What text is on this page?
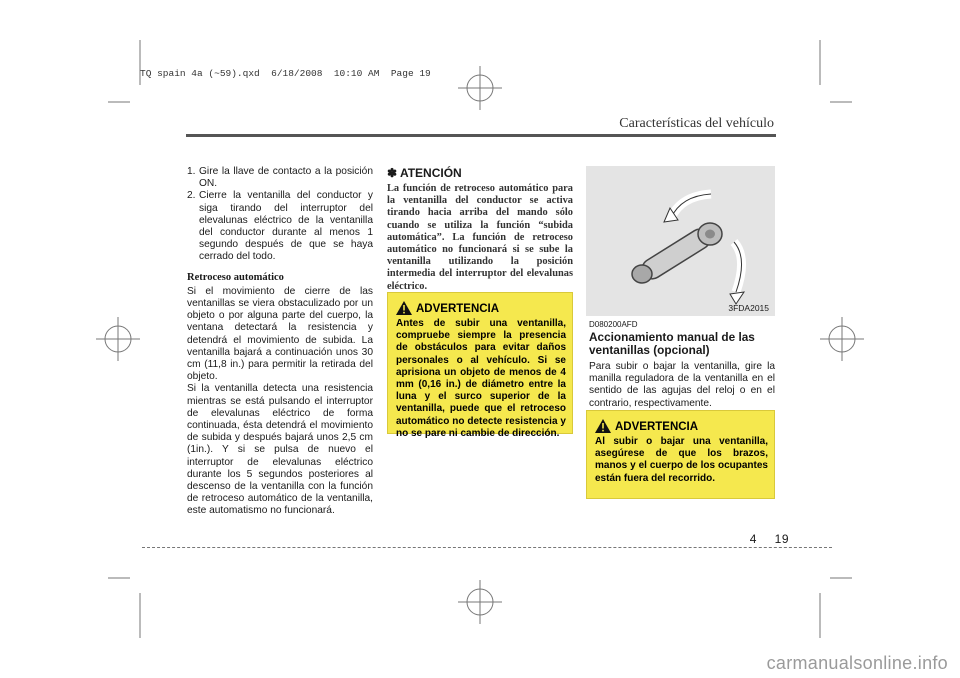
TQ spain 4a (~59).qxd  6/18/2008  10:10 AM  Page 19
Características del vehículo
1. Gire la llave de contacto a la posición ON.
2. Cierre la ventanilla del conductor y siga tirando del interruptor del elevalunas eléctrico de la ventanilla del conductor durante al menos 1 segundo después de que se haya cerrado del todo.
Retroceso automático

Si el movimiento de cierre de las ventanillas se viera obstaculizado por un objeto o por alguna parte del cuerpo, la ventana detectará la resistencia y detendrá el movimiento de subida. La ventanilla bajará a continuación unos 30 cm (11,8 in.) para permitir la retirada del objeto.

Si la ventanilla detecta una resistencia mientras se está pulsando el interruptor de elevalunas eléctrico de forma continuada, ésta detendrá el movimiento de subida y después bajará unos 2,5 cm (1in.). Y si se pulsa de nuevo el interruptor de elevalunas eléctrico durante los 5 segundos posteriores al descenso de la ventanilla con la función de retroceso automático de la ventanilla, este automatismo no funcionará.

✽ ATENCIÓN
La función de retroceso automático para la ventanilla del conductor se activa tirando hacia arriba del mando sólo cuando se utiliza la función “subida automática”. La función de retroceso automático no funcionará si se sube la ventanilla utilizando la posición intermedia del interruptor del elevalunas eléctrico.
ADVERTENCIA
Antes de subir una ventanilla, compruebe siempre la presencia de obstáculos para evitar daños personales o al vehículo. Si se aprisiona un objeto de menos de 4 mm (0,16 in.) de diámetro entre la luna y el surco superior de la ventanilla, puede que el retroceso automático no detecte resistencia y no se pare ni cambie de dirección.
3FDA2015
D080200AFD
Accionamiento manual de las ventanillas (opcional)
Para subir o bajar la ventanilla, gire la manilla reguladora de la ventanilla en el sentido de las agujas del reloj o en el contrario, respectivamente.
ADVERTENCIA
Al subir o bajar una ventanilla, asegúrese de que los brazos, manos y el cuerpo de los ocupantes están fuera del recorrido.
4 19
carmanualsonline.info
